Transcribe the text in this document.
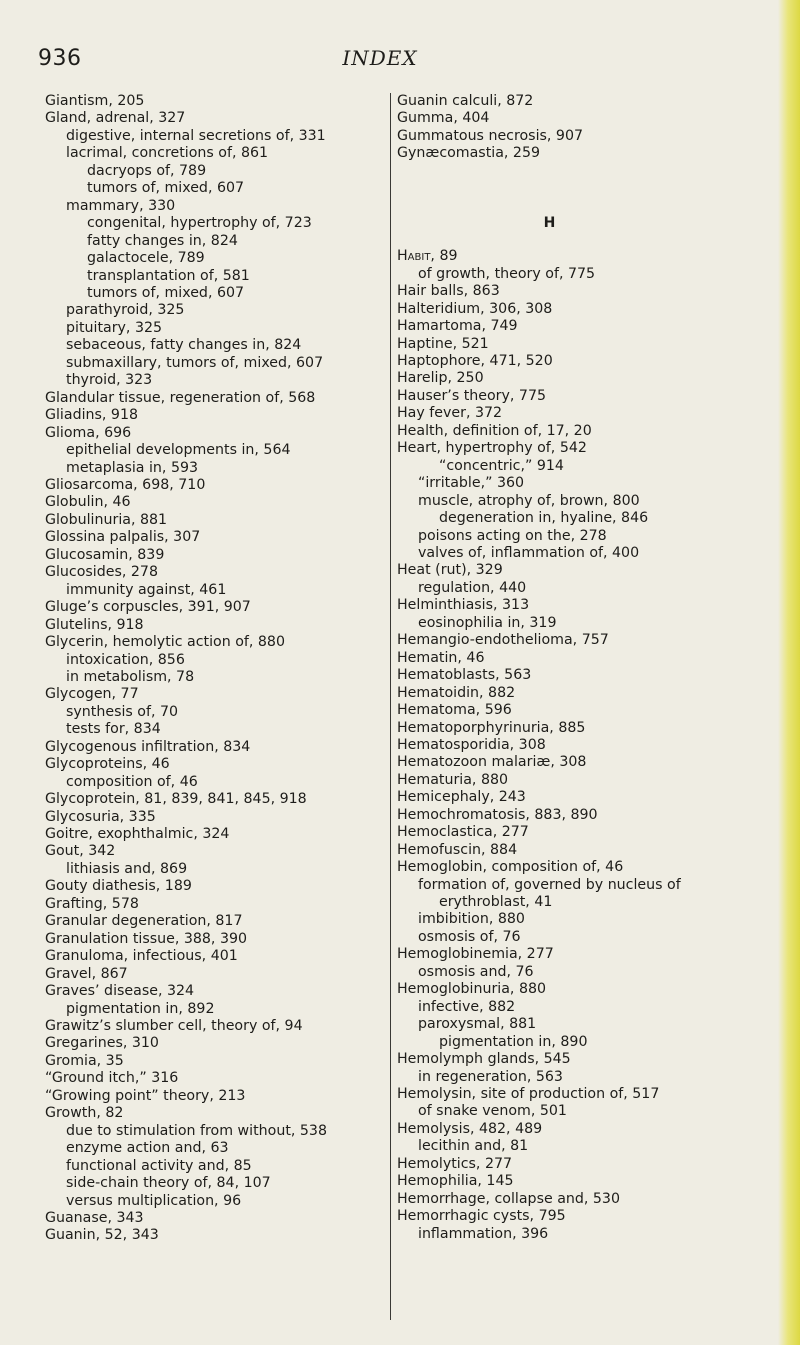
936	INDEX
Giantism, 205
Gland, adrenal, 327
digestive, internal secretions of, 331
lacrimal, concretions of, 861
dacryops of, 789
tumors of, mixed, 607
mammary, 330
congenital, hypertrophy of, 723
fatty changes in, 824
galactocele, 789
transplantation of, 581
tumors of, mixed, 607
parathyroid, 325
pituitary, 325
sebaceous, fatty changes in, 824
submaxillary, tumors of, mixed, 607
thyroid, 323
Glandular tissue, regeneration of, 568
Gliadins, 918
Glioma, 696
epithelial developments in, 564
metaplasia in, 593
Gliosarcoma, 698, 710
Globulin, 46
Globulinuria, 881
Glossina palpalis, 307
Glucosamin, 839
Glucosides, 278
immunity against, 461
Gluge’s corpuscles, 391, 907
Glutelins, 918
Glycerin, hemolytic action of, 880
intoxication, 856
in metabolism, 78
Glycogen, 77
synthesis of, 70
tests for, 834
Glycogenous infiltration, 834
Glycoproteins, 46
composition of, 46
Glycoprotein, 81, 839, 841, 845, 918
Glycosuria, 335
Goitre, exophthalmic, 324
Gout, 342
lithiasis and, 869
Gouty diathesis, 189
Grafting, 578
Granular degeneration, 817
Granulation tissue, 388, 390
Granuloma, infectious, 401
Gravel, 867
Graves’ disease, 324
pigmentation in, 892
Grawitz’s slumber cell, theory of, 94
Gregarines, 310
Gromia, 35
“Ground itch,” 316
“Growing point” theory, 213
Growth, 82
due to stimulation from without, 538
enzyme action and, 63
functional activity and, 85
side-chain theory of, 84, 107
versus multiplication, 96
Guanase, 343
Guanin, 52, 343
Guanin calculi, 872
Gumma, 404
Gummatous necrosis, 907
Gynæcomastia, 259
H
Habit, 89
of growth, theory of, 775
Hair balls, 863
Halteridium, 306, 308
Hamartoma, 749
Haptine, 521
Haptophore, 471, 520
Harelip, 250
Hauser’s theory, 775
Hay fever, 372
Health, definition of, 17, 20
Heart, hypertrophy of, 542
“concentric,” 914
“irritable,” 360
muscle, atrophy of, brown, 800
degeneration in, hyaline, 846
poisons acting on the, 278
valves of, inflammation of, 400
Heat (rut), 329
regulation, 440
Helminthiasis, 313
eosinophilia in, 319
Hemangio-endothelioma, 757
Hematin, 46
Hematoblasts, 563
Hematoidin, 882
Hematoma, 596
Hematoporphyrinuria, 885
Hematosporidia, 308
Hematozoon malariæ, 308
Hematuria, 880
Hemicephaly, 243
Hemochromatosis, 883, 890
Hemoclastica, 277
Hemofuscin, 884
Hemoglobin, composition of, 46
formation of, governed by nucleus of
erythroblast, 41
imbibition, 880
osmosis of, 76
Hemoglobinemia, 277
osmosis and, 76
Hemoglobinuria, 880
infective, 882
paroxysmal, 881
pigmentation in, 890
Hemolymph glands, 545
in regeneration, 563
Hemolysin, site of production of, 517
of snake venom, 501
Hemolysis, 482, 489
lecithin and, 81
Hemolytics, 277
Hemophilia, 145
Hemorrhage, collapse and, 530
Hemorrhagic cysts, 795
inflammation, 396
